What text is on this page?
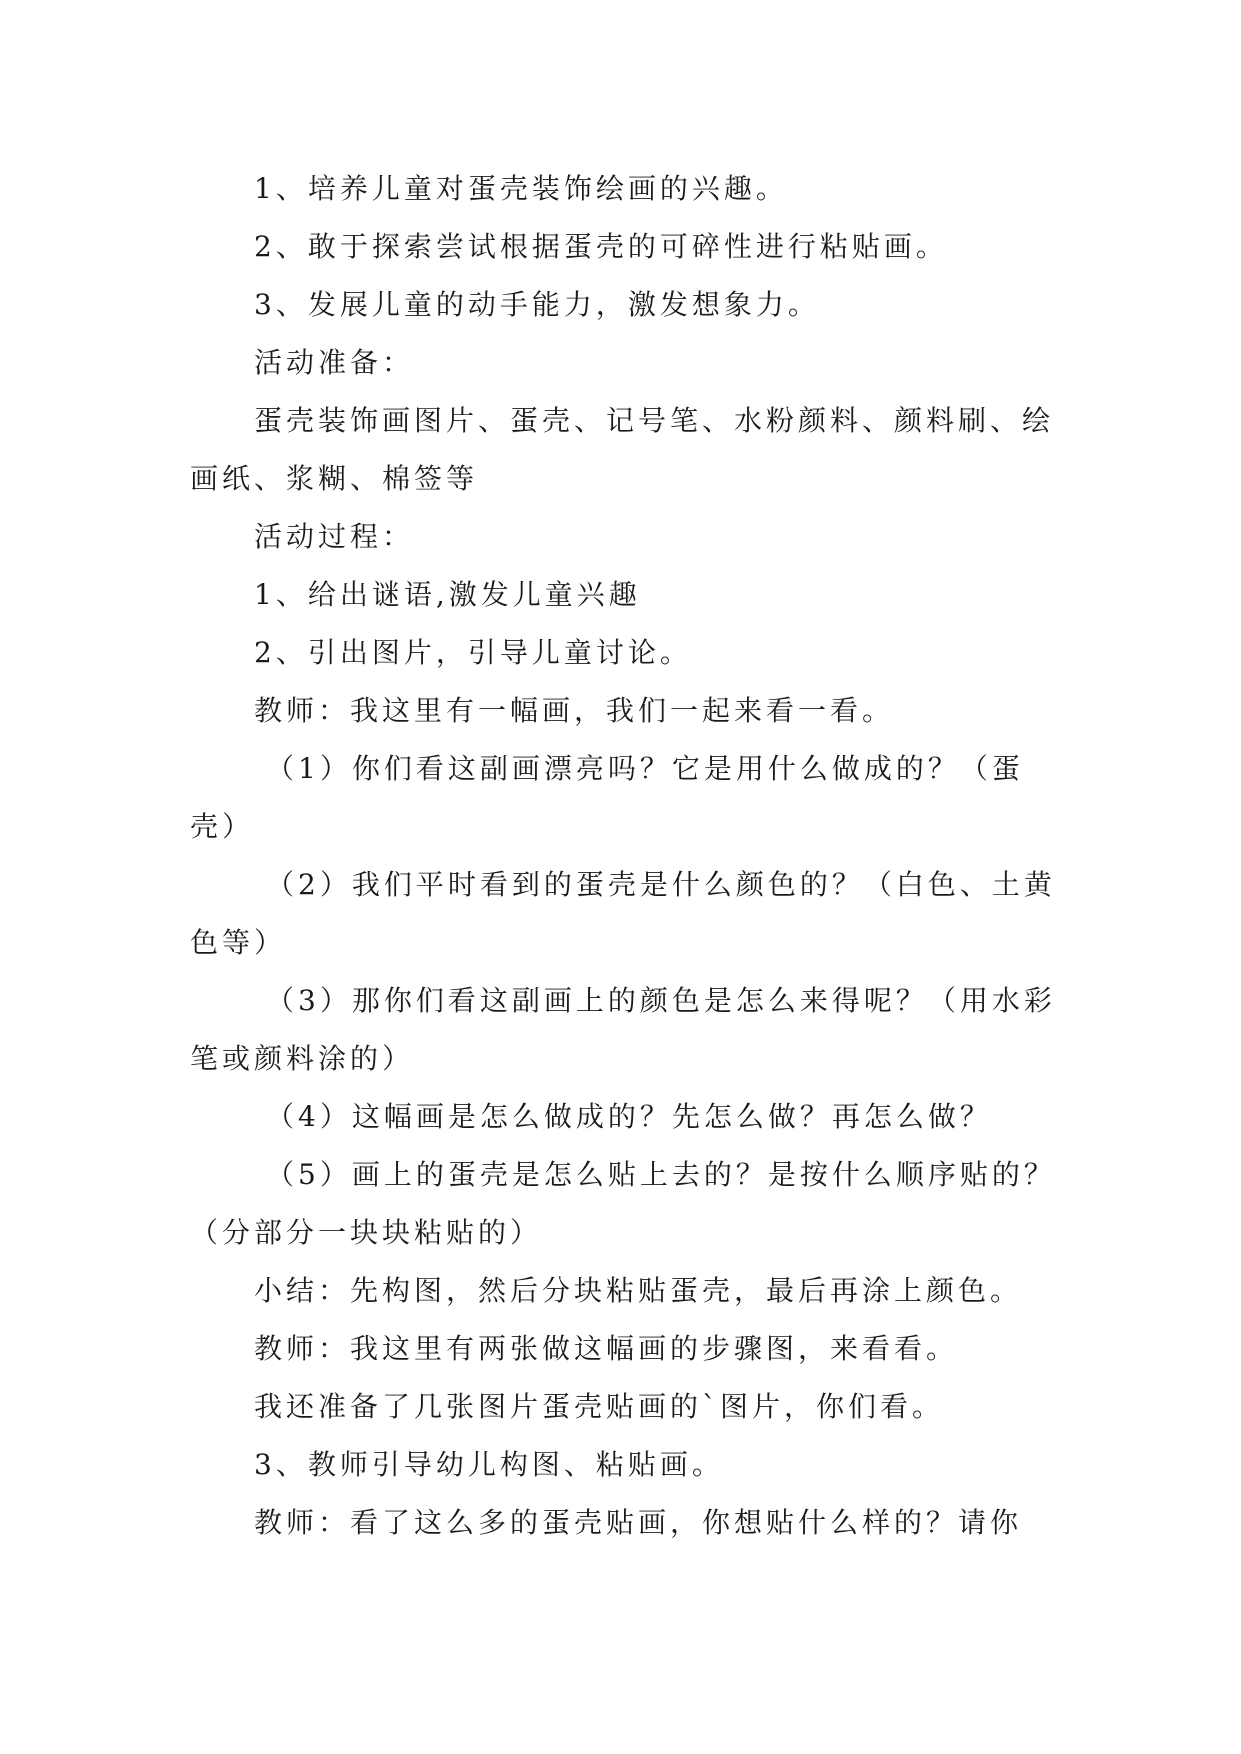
1、培养儿童对蛋壳装饰绘画的兴趣。

2、敢于探索尝试根据蛋壳的可碎性进行粘贴画。

3、发展儿童的动手能力，激发想象力。

活动准备：

蛋壳装饰画图片、蛋壳、记号笔、水粉颜料、颜料刷、绘画纸、浆糊、棉签等

活动过程：

1、给出谜语,激发儿童兴趣

2、引出图片，引导儿童讨论。

教师：我这里有一幅画，我们一起来看一看。

（1）你们看这副画漂亮吗？它是用什么做成的？（蛋壳）

（2）我们平时看到的蛋壳是什么颜色的？（白色、土黄色等）

（3）那你们看这副画上的颜色是怎么来得呢？（用水彩笔或颜料涂的）

（4）这幅画是怎么做成的？先怎么做？再怎么做？

（5）画上的蛋壳是怎么贴上去的？是按什么顺序贴的？（分部分一块块粘贴的）

小结：先构图，然后分块粘贴蛋壳，最后再涂上颜色。

教师：我这里有两张做这幅画的步骤图，来看看。

我还准备了几张图片蛋壳贴画的`图片，你们看。

3、教师引导幼儿构图、粘贴画。

教师：看了这么多的蛋壳贴画，你想贴什么样的？请你
